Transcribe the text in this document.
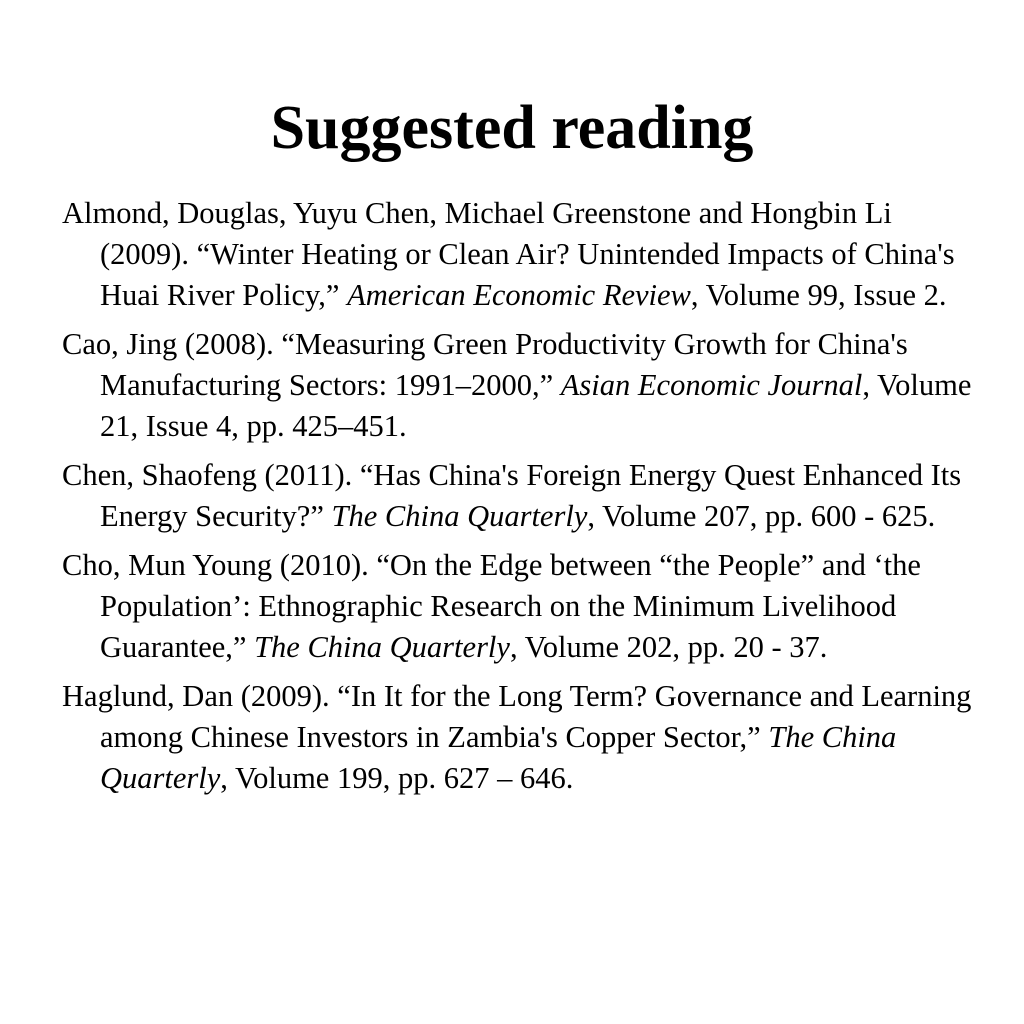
Suggested reading
Almond, Douglas, Yuyu Chen, Michael Greenstone and Hongbin Li (2009). “Winter Heating or Clean Air? Unintended Impacts of China's Huai River Policy,” American Economic Review, Volume 99, Issue 2.
Cao, Jing (2008). “Measuring Green Productivity Growth for China's Manufacturing Sectors: 1991–2000,” Asian Economic Journal, Volume 21, Issue 4, pp. 425–451.
Chen, Shaofeng (2011). “Has China's Foreign Energy Quest Enhanced Its Energy Security?” The China Quarterly, Volume 207, pp. 600 - 625.
Cho, Mun Young (2010). “On the Edge between “the People” and ‘the Population’: Ethnographic Research on the Minimum Livelihood Guarantee,” The China Quarterly, Volume 202, pp. 20 - 37.
Haglund, Dan (2009). “In It for the Long Term? Governance and Learning among Chinese Investors in Zambia's Copper Sector,” The China Quarterly, Volume 199, pp. 627 – 646.
